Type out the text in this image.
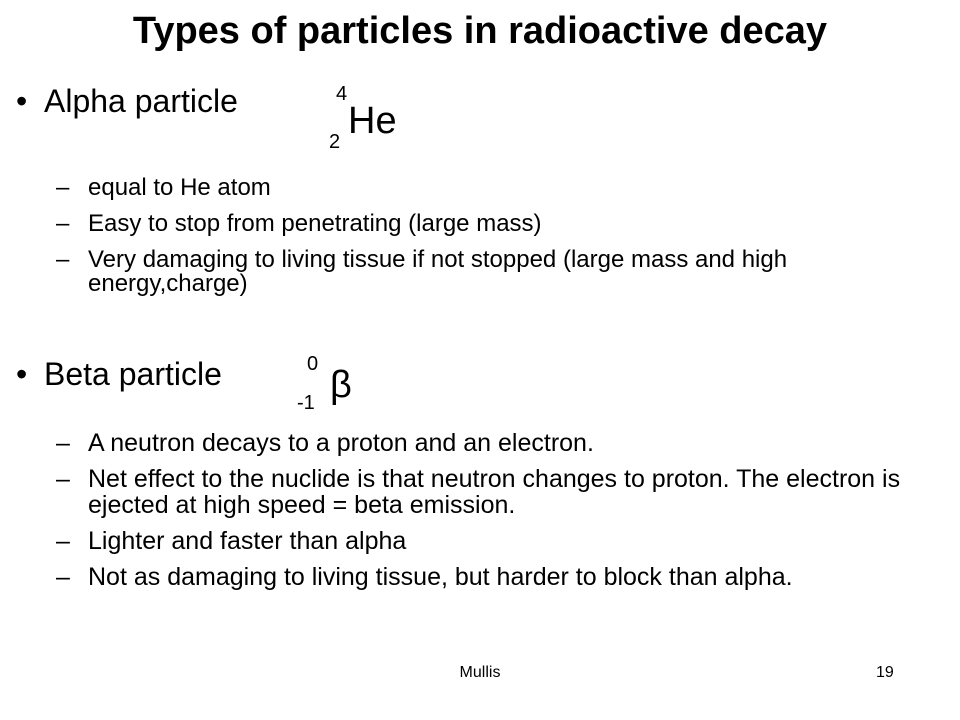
Types of particles in radioactive decay
• Alpha particle	4
2 He
– equal to He atom
– Easy to stop from penetrating (large mass)
– Very damaging to living tissue if not stopped (large mass and high energy,charge)
• Beta particle	0
-1 β
– A neutron decays to a proton and an electron.
– Net effect to the nuclide is that neutron changes to proton. The electron is ejected at high speed = beta emission.
– Lighter and faster than alpha
– Not as damaging to living tissue, but harder to block than alpha.
Mullis	19
